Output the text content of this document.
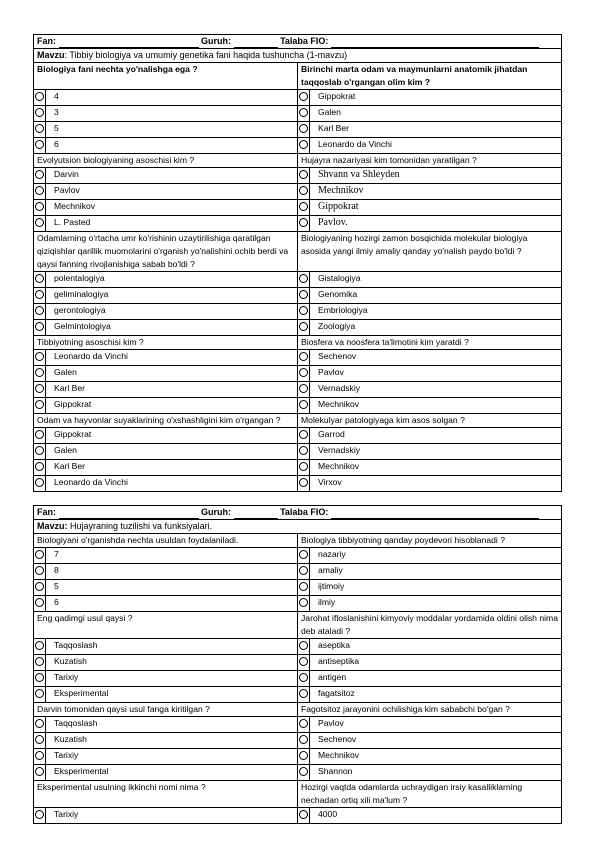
Fan: Guruh: Talaba FIO:			
Mavzu: Tibbiy biologiya va umumiy genetika fani haqida tushuncha (1-mavzu)			
Biologiya fani nechta yo'nalishga ega ?		Birinchi marta odam va maymunlarni anatomik jihatdan taqqoslab o'rgangan olim kim ?	
	4		Gippokrat
	3		Galen
	5		Karl Ber
	6		Leonardo da Vinchi
Evolyutsion biologiyaning asoschisi kim ?		Hujayra nazariyasi kim tomonidan yaratilgan ?	
	Darvin		Shvann va Shleyden
	Pavlov		Mechnikov
	Mechnikov		Gippokrat
	L. Pasted		Pavlov.
Odamlarning o'rtacha umr ko'rishinin uzaytirilishiga qaratilgan qiziqishlar qarillik muomolarini o'rganish yo'nalishini ochib berdi va qaysi fanning rivojlanishiga sabab bo'ldi ?		Biologiyaning hozirgi zamon bosqichida molekular biologiya asosida yangi ilmiy amaliy qanday yo'nalish paydo bo'ldi ?	
	polentalogiya		Gistalogiya
	geliminalogiya		Genomika
	gerontologiya		Embriologiya
	Gelmintologiya		Zoologiya
Tibbiyotning asoschisi kim ?		Biosfera va noosfera ta'limotini kim yaratdi ?	
	Leonardo da Vinchi		Sechenov
	Galen		Pavlov
	Karl Ber		Vernadskiy
	Gippokrat		Mechnikov
Odam va hayvonlar suyaklarining o'xshashligini kim o'rgangan ?		Molekulyar patologiyaga kim asos solgan ?	
	Gippokrat		Garrod
	Galen		Vernadskiy
	Karl Ber		Mechnikov
	Leonardo da Vinchi		Virxov
Fan: Guruh: Talaba FIO:			
Mavzu: Hujayraning tuzilishi va funksiyalari.			
Biologiyani o'rganishda nechta usuldan foydalaniladi.		Biologiya tibbiyotning qanday poydevori hisoblanadi ?	
	7		nazariy
	8		amaliy
	5		ijtimoiy
	6		ilmiy
Eng qadimgi usul qaysi ?		Jarohat ifloslanishini kimyoviy moddalar yordamida oldini olish nima deb ataladi ?	
	Taqqoslash		aseptika
	Kuzatish		antiseptika
	Tarixiy		antigen
	Eksperimental		fagatsitoz
Darvin tomonidan qaysi usul fanga kiritilgan ?		Fagotsitoz jarayonini ochilishiga kim sababchi bo'gan ?	
	Taqqoslash		Pavlov
	Kuzatish		Sechenov
	Tarixiy		Mechnikov
	Eksperimental		Shannon
Eksperimental usulning ikkinchi nomi nima ?		Hozirgi vaqtda odamlarda uchraydigan irsiy kasalliklarning nechadan ortiq xili ma'lum ?	
	Tarixiy		4000
